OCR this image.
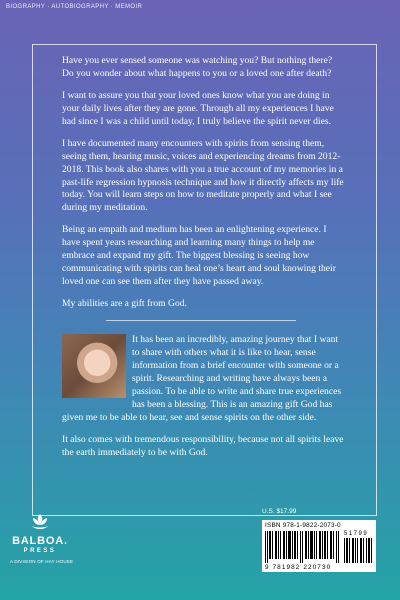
BIOGRAPHY · AUTOBIOGRAPHY · MEMOIR

Have you ever sensed someone was watching you? But nothing there? Do you wonder about what happens to you or a loved one after death?

I want to assure you that your loved ones know what you are doing in your daily lives after they are gone. Through all my experiences I have had since I was a child until today, I truly believe the spirit never dies.

I have documented many encounters with spirits from sensing them, seeing them, hearing music, voices and experiencing dreams from 2012-2018. This book also shares with you a true account of my memories in a past-life regression hypnosis technique and how it directly affects my life today. You will learn steps on how to meditate properly and what I see during my meditation.

Being an empath and medium has been an enlightening experience. I have spent years researching and learning many things to help me embrace and expand my gift. The biggest blessing is seeing how communicating with spirits can heal one’s heart and soul knowing their loved one can see them after they have passed away.

My abilities are a gift from God.

It has been an incredibly, amazing journey that I want to share with others what it is like to hear, sense information from a brief encounter with someone or a spirit. Researching and writing have always been a passion. To be able to write and share true experiences has been a blessing. This is an amazing gift God has given me to be able to hear, see and sense spirits on the other side.

It also comes with tremendous responsibility, because not all spirits leave the earth immediately to be with God.

BALBOA.
PRESS
A DIVISION OF HAY HOUSE
U.S. $17.99
ISBN 978-1-9822-2073-0
51799
9 781982 220730
